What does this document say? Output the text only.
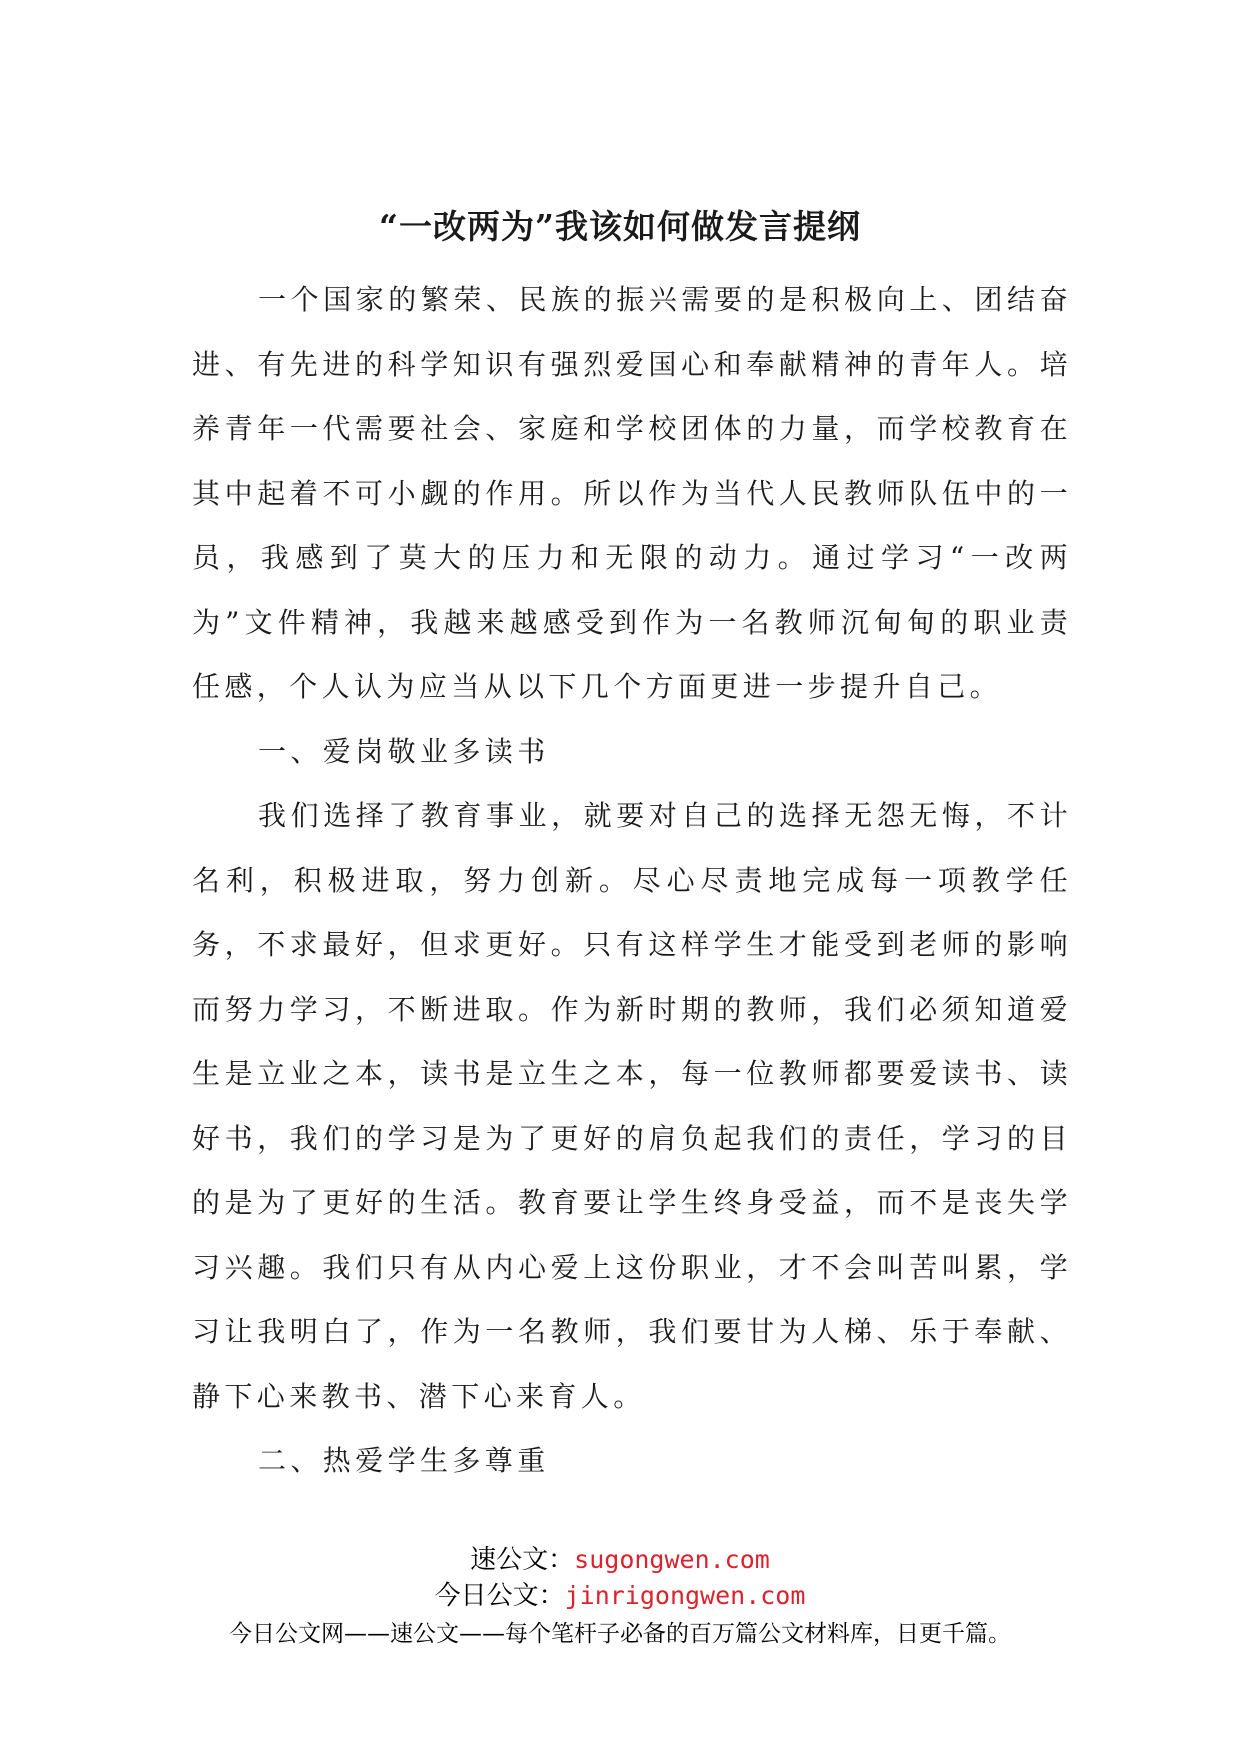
“一改两为”我该如何做发言提纲

一个国家的繁荣、民族的振兴需要的是积极向上、团结奋进、有先进的科学知识有强烈爱国心和奉献精神的青年人。培养青年一代需要社会、家庭和学校团体的力量，而学校教育在其中起着不可小觑的作用。所以作为当代人民教师队伍中的一员，我感到了莫大的压力和无限的动力。通过学习“一改两为”文件精神，我越来越感受到作为一名教师沉甸甸的职业责任感，个人认为应当从以下几个方面更进一步提升自己。

一、爱岗敬业多读书

我们选择了教育事业，就要对自己的选择无怨无悔，不计名利，积极进取，努力创新。尽心尽责地完成每一项教学任务，不求最好，但求更好。只有这样学生才能受到老师的影响而努力学习，不断进取。作为新时期的教师，我们必须知道爱生是立业之本，读书是立生之本，每一位教师都要爱读书、读好书，我们的学习是为了更好的肩负起我们的责任，学习的目的是为了更好的生活。教育要让学生终身受益，而不是丧失学习兴趣。我们只有从内心爱上这份职业，才不会叫苦叫累，学习让我明白了，作为一名教师，我们要甘为人梯、乐于奉献、静下心来教书、潜下心来育人。

二、热爱学生多尊重

速公文：sugongwen.com
今日公文：jinrigongwen.com
今日公文网——速公文——每个笔杆子必备的百万篇公文材料库，日更千篇。
